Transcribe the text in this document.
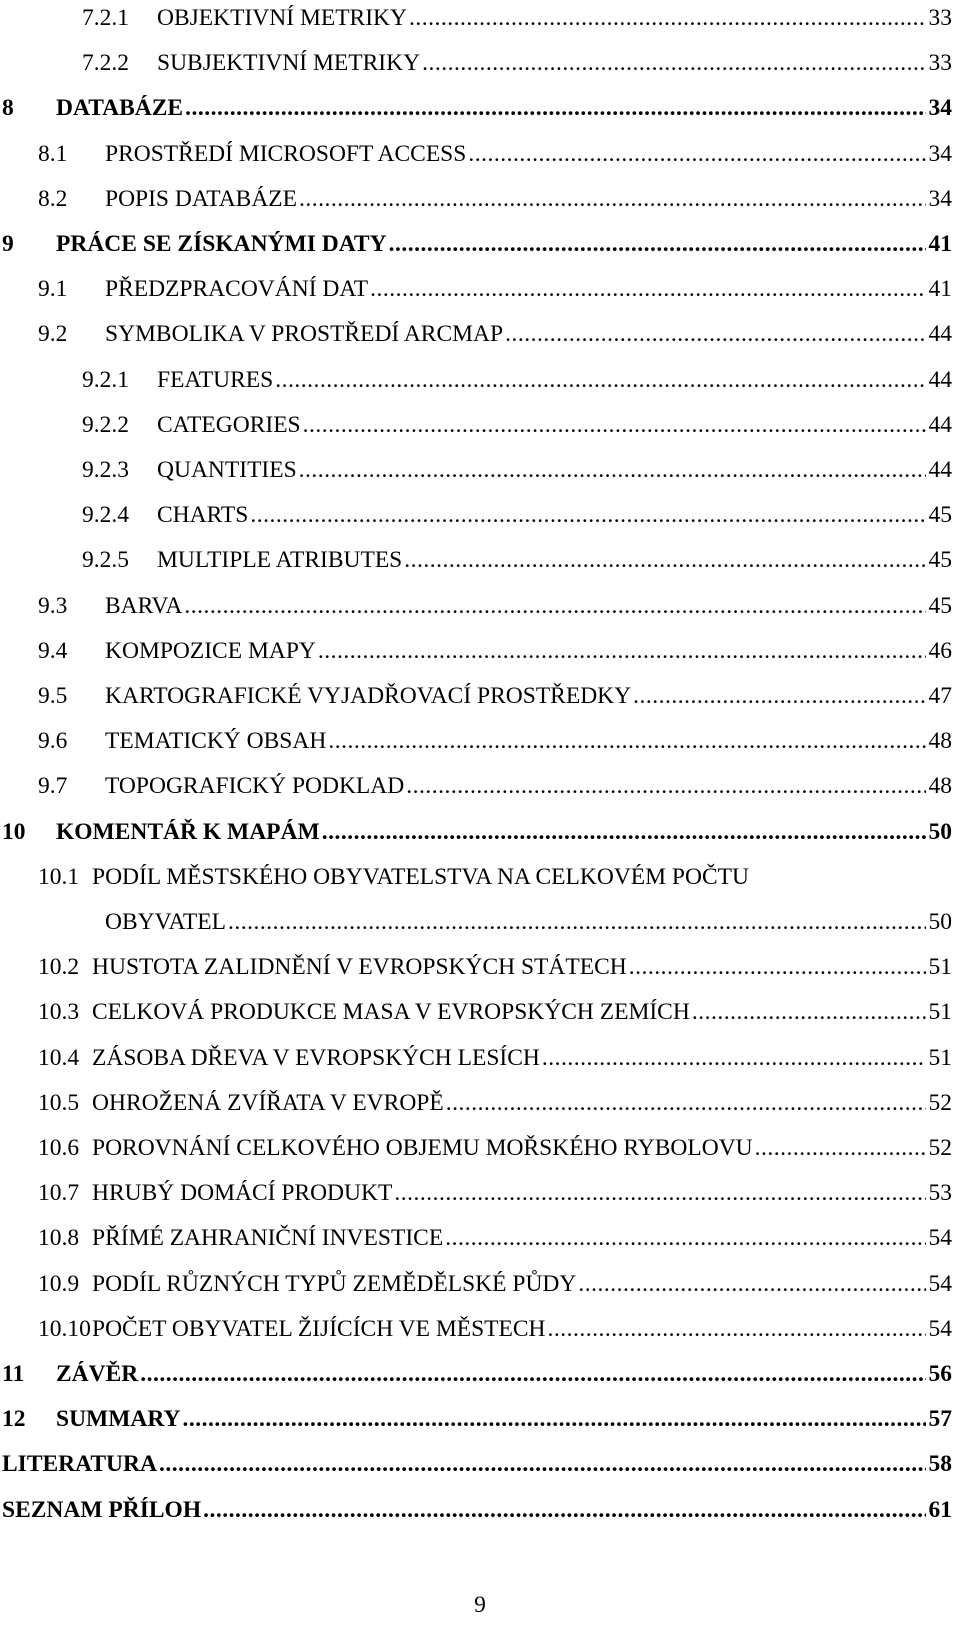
7.2.1	OBJEKTIVNÍ METRIKY .....	33
7.2.2	SUBJEKTIVNÍ METRIKY .....	33
8	DATABÁZE .....	34
8.1	PROSTŘEDÍ MICROSOFT ACCESS .....	34
8.2	POPIS DATABÁZE .....	34
9	PRÁCE SE ZÍSKANÝMI DATY .....	41
9.1	PŘEDZPRACOVÁNÍ DAT .....	41
9.2	SYMBOLIKA V PROSTŘEDÍ ARCMAP .....	44
9.2.1	FEATURES .....	44
9.2.2	CATEGORIES .....	44
9.2.3	QUANTITIES .....	44
9.2.4	CHARTS .....	45
9.2.5	MULTIPLE ATRIBUTES .....	45
9.3	BARVA .....	45
9.4	KOMPOZICE MAPY .....	46
9.5	KARTOGRAFICKÉ VYJADŘOVACÍ PROSTŘEDKY .....	47
9.6	TEMATICKÝ OBSAH .....	48
9.7	TOPOGRAFICKÝ PODKLAD .....	48
10	KOMENTÁŘ K MAPÁM .....	50
10.1 PODÍL MĚSTSKÉHO OBYVATELSTVA NA CELKOVÉM POČTU
OBYVATEL .....	50
10.2 HUSTOTA ZALIDNĚNÍ V EVROPSKÝCH STÁTECH .....	51
10.3 CELKOVÁ PRODUKCE MASA V EVROPSKÝCH ZEMÍCH .....	51
10.4 ZÁSOBA DŘEVA V EVROPSKÝCH LESÍCH .....	51
10.5 OHROŽENÁ ZVÍŘATA V EVROPĚ .....	52
10.6 POROVNÁNÍ CELKOVÉHO OBJEMU MOŘSKÉHO RYBOLOVU .....	52
10.7 HRUBÝ DOMÁCÍ PRODUKT .....	53
10.8 PŘÍMÉ ZAHRANIČNÍ INVESTICE .....	54
10.9 PODÍL RŮZNÝCH TYPŮ ZEMĚDĚLSKÉ PŮDY .....	54
10.10 POČET OBYVATEL ŽIJÍCÍCH VE MĚSTECH .....	54
11	ZÁVĚR .....	56
12	SUMMARY .....	57
LITERATURA .....	58
SEZNAM PŘÍLOH .....	61
9
